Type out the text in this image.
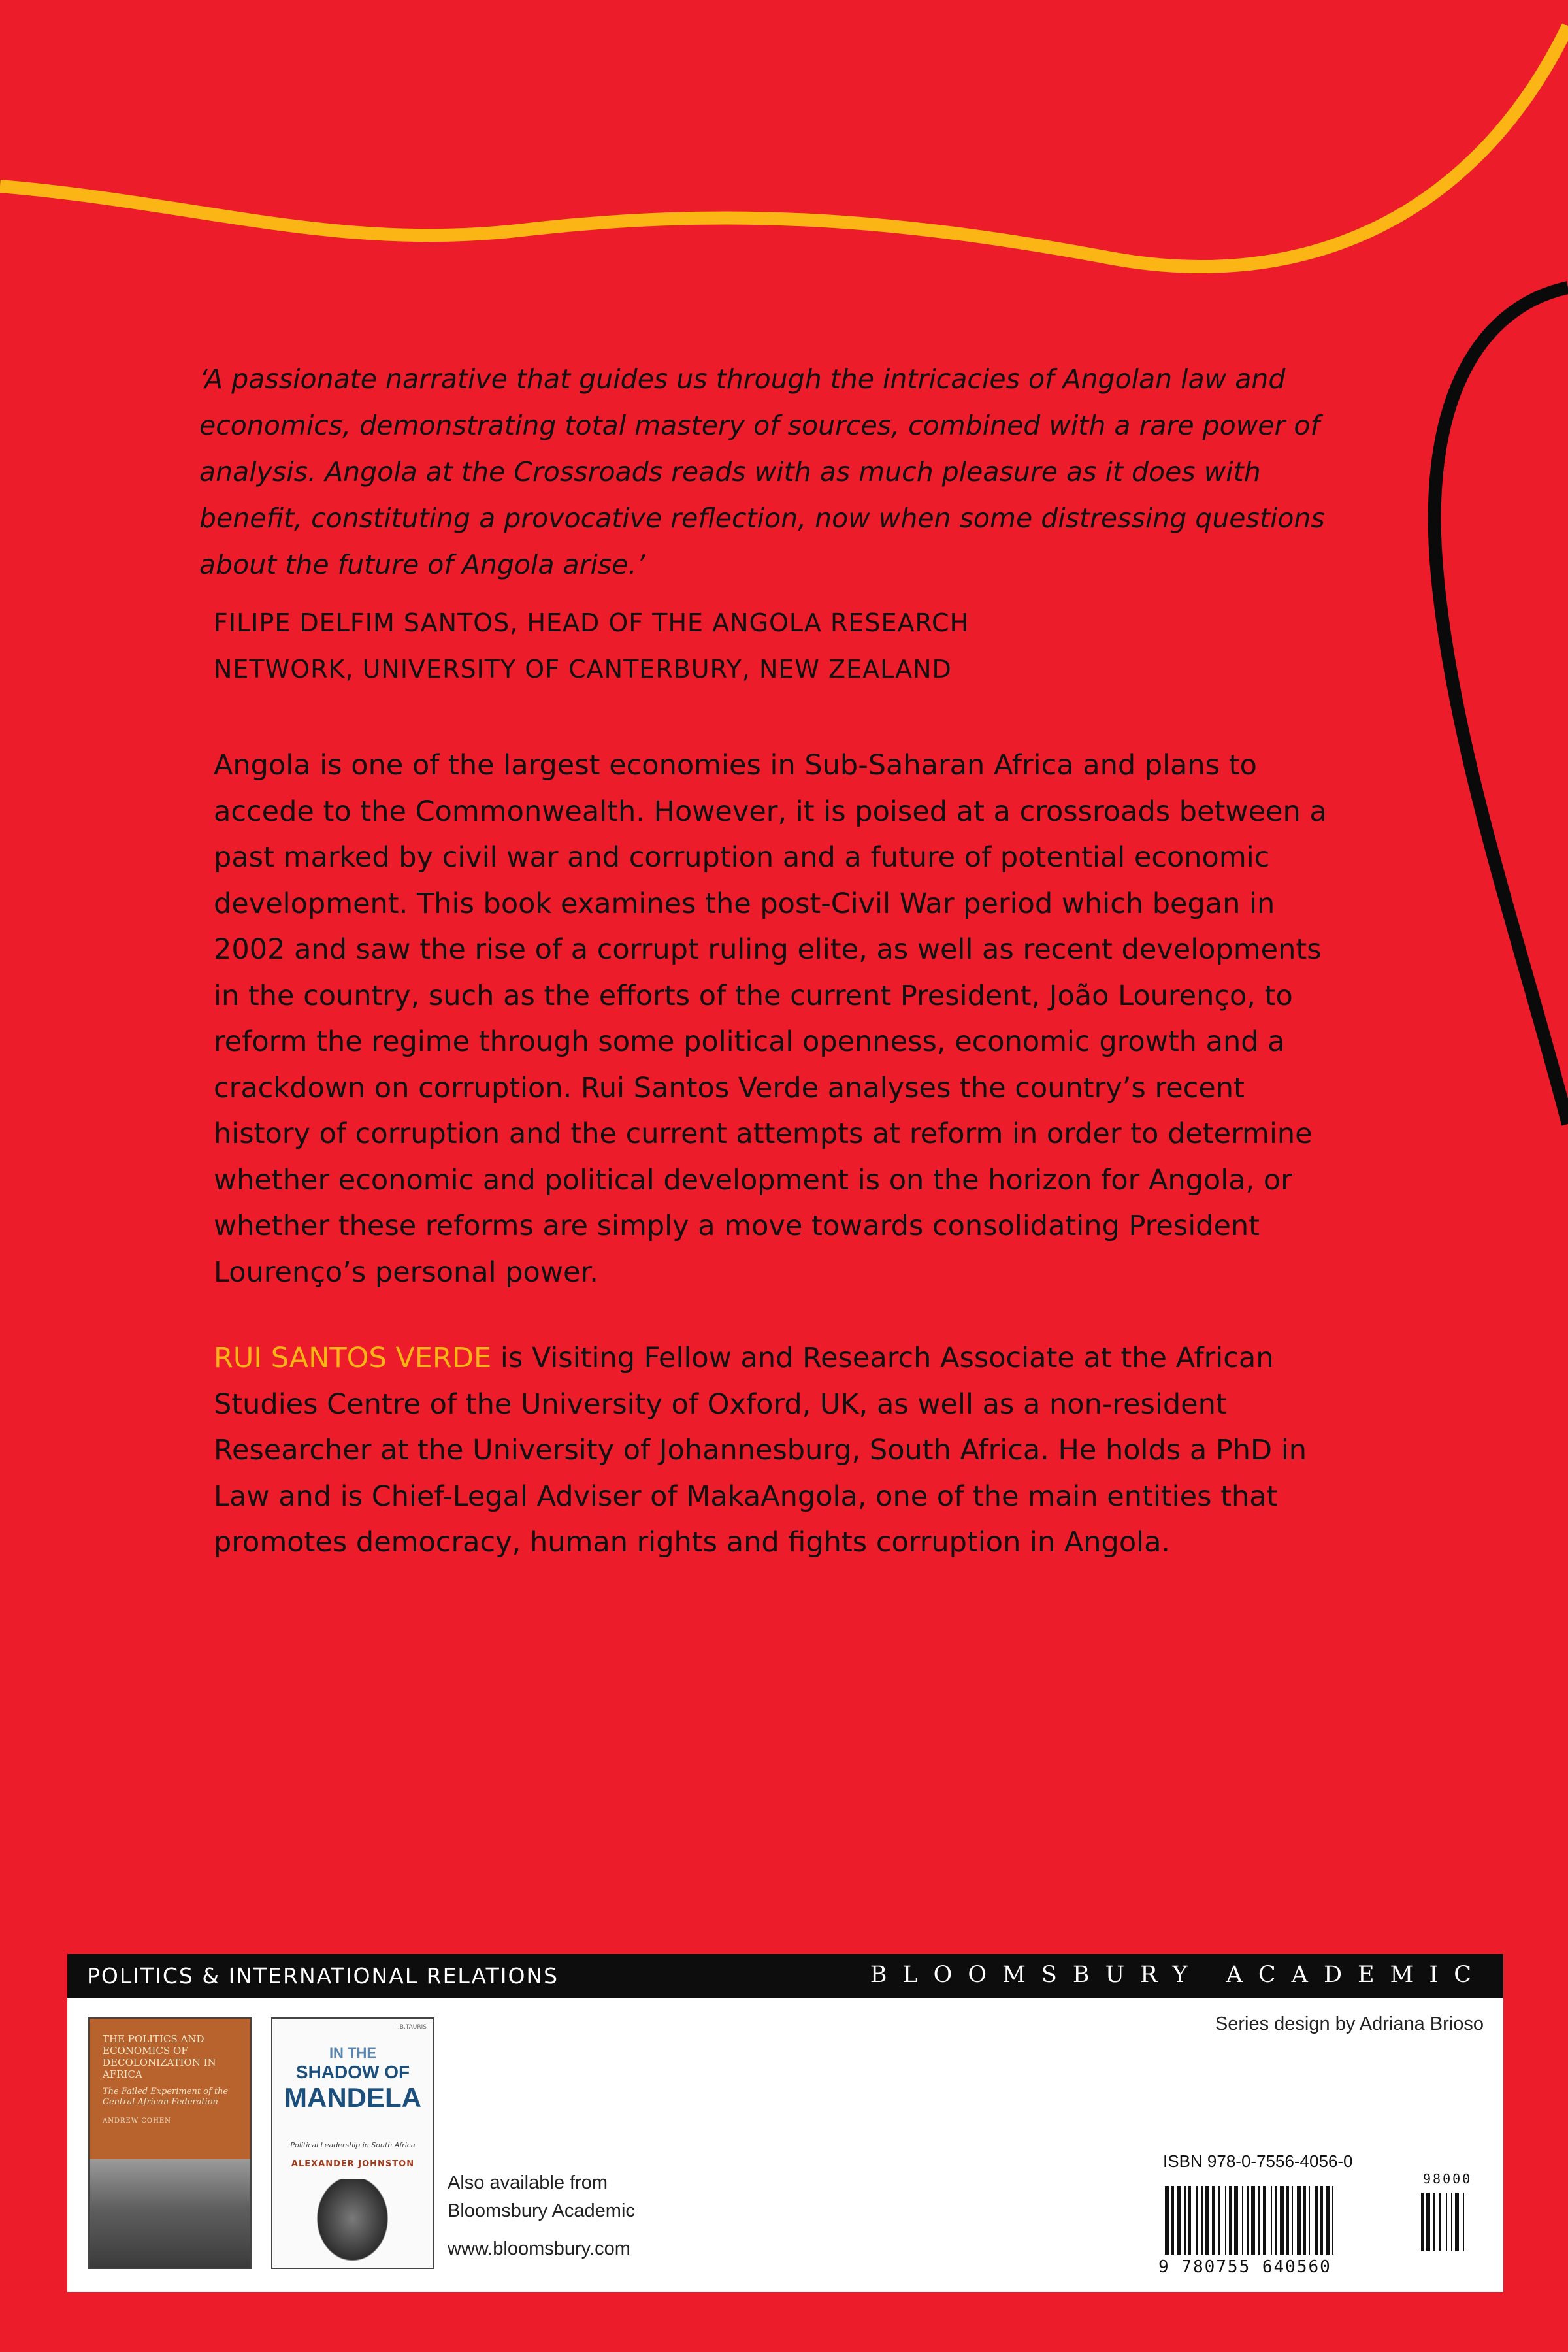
‘A passionate narrative that guides us through the intricacies of Angolan law and economics, demonstrating total mastery of sources, combined with a rare power of analysis. Angola at the Crossroads reads with as much pleasure as it does with benefit, constituting a provocative reflection, now when some distressing questions about the future of Angola arise.’

FILIPE DELFIM SANTOS, HEAD OF THE ANGOLA RESEARCH
NETWORK, UNIVERSITY OF CANTERBURY, NEW ZEALAND

Angola is one of the largest economies in Sub-Saharan Africa and plans to accede to the Commonwealth. However, it is poised at a crossroads between a past marked by civil war and corruption and a future of potential economic development. This book examines the post-Civil War period which began in 2002 and saw the rise of a corrupt ruling elite, as well as recent developments in the country, such as the efforts of the current President, João Lourenço, to reform the regime through some political openness, economic growth and a crackdown on corruption. Rui Santos Verde analyses the country’s recent history of corruption and the current attempts at reform in order to determine whether economic and political development is on the horizon for Angola, or whether these reforms are simply a move towards consolidating President Lourenço’s personal power.

RUI SANTOS VERDE is Visiting Fellow and Research Associate at the African Studies Centre of the University of Oxford, UK, as well as a non-resident Researcher at the University of Johannesburg, South Africa. He holds a PhD in Law and is Chief-Legal Adviser of MakaAngola, one of the main entities that promotes democracy, human rights and fights corruption in Angola.

POLITICS & INTERNATIONAL RELATIONS	BLOOMSBURY ACADEMIC
THE POLITICS AND ECONOMICS OF DECOLONIZATION IN AFRICA
The Failed Experiment of the Central African Federation
ANDREW COHEN
I.B.TAURIS
IN THE
SHADOW OF
MANDELA
Political Leadership in South Africa
ALEXANDER JOHNSTON
Also available from
Bloomsbury Academic
www.bloomsbury.com
Series design by Adriana Brioso
ISBN 978-0-7556-4056-0
9 780755 640560
98000
